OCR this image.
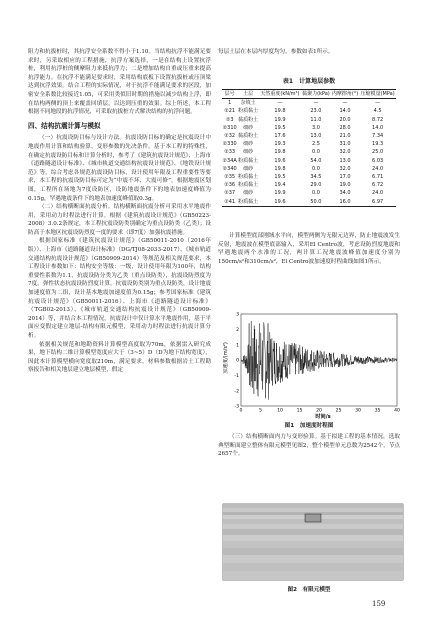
阻力和抗拔桩时，其抗浮安全系数不得小于1.10。当结构抗浮不能满足要求时，另采取相应的工程措施，抗浮方案选择，一是在结构上设置抗浮桩，利用抗浮桩的侧摩阻力来抵抗浮力；二是增加结构自重或压重来提高抗浮能力。在抗浮不能满足要求时，采用结构底板下设置抗拔桩或压顶梁达到抗浮效果。结合工程的实际情况，对于抗浮不能满足要求的区段，加密安全系数比较接近1.05，可采用类似旧时期的措施以减少结构上浮，即在结构两侧的顶上来覆盖回填层，以达到压重的效果。综上所述，本工程根据不同地段的抗浮情况，可采取抗拔桩方式解决结构的抗浮问题。

四、结构抗震计算与模拟

（一）抗震设防目标与设计方法。抗震设防目标的确定是抗震设计中地震作用计算和结构验算、变形参数的先决条件。基于本工程的特殊性，在确定抗震设防目标和计算分析时，参考了《建筑抗震设计规范》、上海市《道路隧道设计标准》、《城市轨道交通结构抗震设计规范》、《地铁设计规范》等。综合考虑各规范抗震设防目标，设计使用年限及工程重要性等要求，本工程的抗震设防目标可定为“中震不坏、大震可修”。根据地震区划图，工程所在场地为7度设防区，设防地震条件下的地表加速度峰值为0.15g，罕遇地震条件下的地表加速度峰值取0.3g。

（二）结构横断面抗震分析。结构横断面抗震分析可采用水平地震作用，采用动力时程法进行计算。根据《建筑抗震设计规范》（GB50223-2008）3.0.2条规定，本工程抗震设防类别确定为重点设防类（乙类）；设防高于本地区抗震设防烈度一度的要求（即7度）加强抗震措施。

根据国家标准《建筑抗震设计规范》（GB50011-2010（2016年版））、上海市《道路隧道设计标准》（DG/TJ08-2033-2017）、《城市轨道交通结构抗震设计规范》（GB50909-2014）等规范及相关规范要求，本工程设计参数如下：结构安全等级：一级，设计使用年限为100年，结构重要性系数为1.1，抗震设防分类为乙类（重点设防类），抗震设防烈度为7度，弹性状态抗震设防烈度计算，抗震设防类别为重点设防类，设计地震加速度值为二组，设计基本地震加速度值为0.15g；参考国家标准《建筑抗震设计规范》（GB50011-2016）、上海市《道路隧道设计标准》（TGB02-2013）、《城市轨道交通结构抗震设计规范》（GB50909-2014）等，并结合本工程情况，抗震设计中仅计算水平地震作用，基于平面应变假定建立地层-结构有限元模型，采用动力时程法进行抗震计算分析。

依据相关规范和地勘资料计算模型高度取为70m，依据雷入研究成果，地下结构二维计算模型宽度应大于（3~5）D（D为地下结构宽度），因此本计算模型横向宽度取210m，满足要求。材料参数根据岩土工程勘察报告和相关地层建立地层模型，假定

每层土层在本层内厚度均匀，参数如表1所示。

表1　计算地层参数
层号	土层	天然重度(kN/m³)	黏聚力(kPa)	内摩擦角(°)	压缩模量(MPa)
1	杂填土	—	—	—	—
②21	粉质黏土	19.8	23.0	14.0	4.5
②3	黏质粉土	19.9	11.0	20.0	8.72
②310	细砂	19.5	3.0	28.0	14.0
②32	黏质粉土	17.6	13.0	21.0	7.34
②330	细砂	19.3	2.5	31.0	19.3
②33	细砂	19.8	0.0	32.0	25.0
②34A	粉质黏土	19.6	54.0	13.0	6.03
②340	细砂	19.8	0.0	32.0	24.0
②35	粉质黏土	19.5	34.5	17.0	6.71
②36	粉质黏土	19.4	29.0	19.0	6.72
②37	细砂	19.9	0.0	34.0	24.0
②41	粉质黏土	19.6	50.0	16.0	6.97

计算模型底部刚域水平向，模型两侧为无限元边界，防止地震波发生反射，地震波在模型底部输入，采用El Centro波，考虑设防烈度地震和罕遇地震两个水准的工况，两计算工况地震波峰值加速度分别为150cm/s²和310cm/s²，El Centro波加速度时程曲线如图1所示。

3
2
1
0
-1
-2
-3
0	5	10	15	20	25	30	35	40
加速度/(m/s²)
时间/s
图1　加速度时程图

（三）结构横断面内力与变形验算。基于拟建工程的基本情况，选取典型断面建立整体有限元模型见图2，整个模型单元总数为2542个，节点2657个。

图2　有限元模型
159
